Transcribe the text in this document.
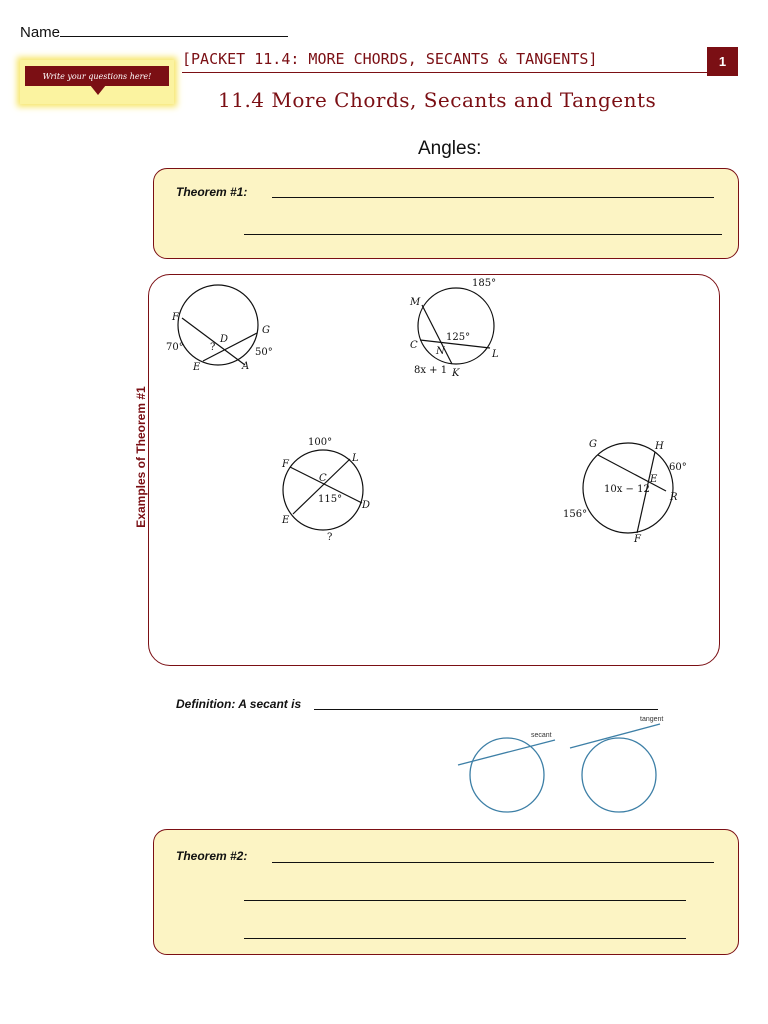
Name
Write your questions here!
[PACKET 11.4: MORE CHORDS, SECANTS & TANGENTS]	1
11.4 More Chords, Secants and Tangents
Angles:
Theorem #1:
Examples of Theorem #1
F
G
D
E	A
70°	50°
?
M
C
N
K
L
185°
125°
8x + 1
F
L
C
D
E
100°
115°
?
G	H
E
R
F
60°
10x − 12
156°
secant
tangent
Definition: A secant is
Theorem #2:
